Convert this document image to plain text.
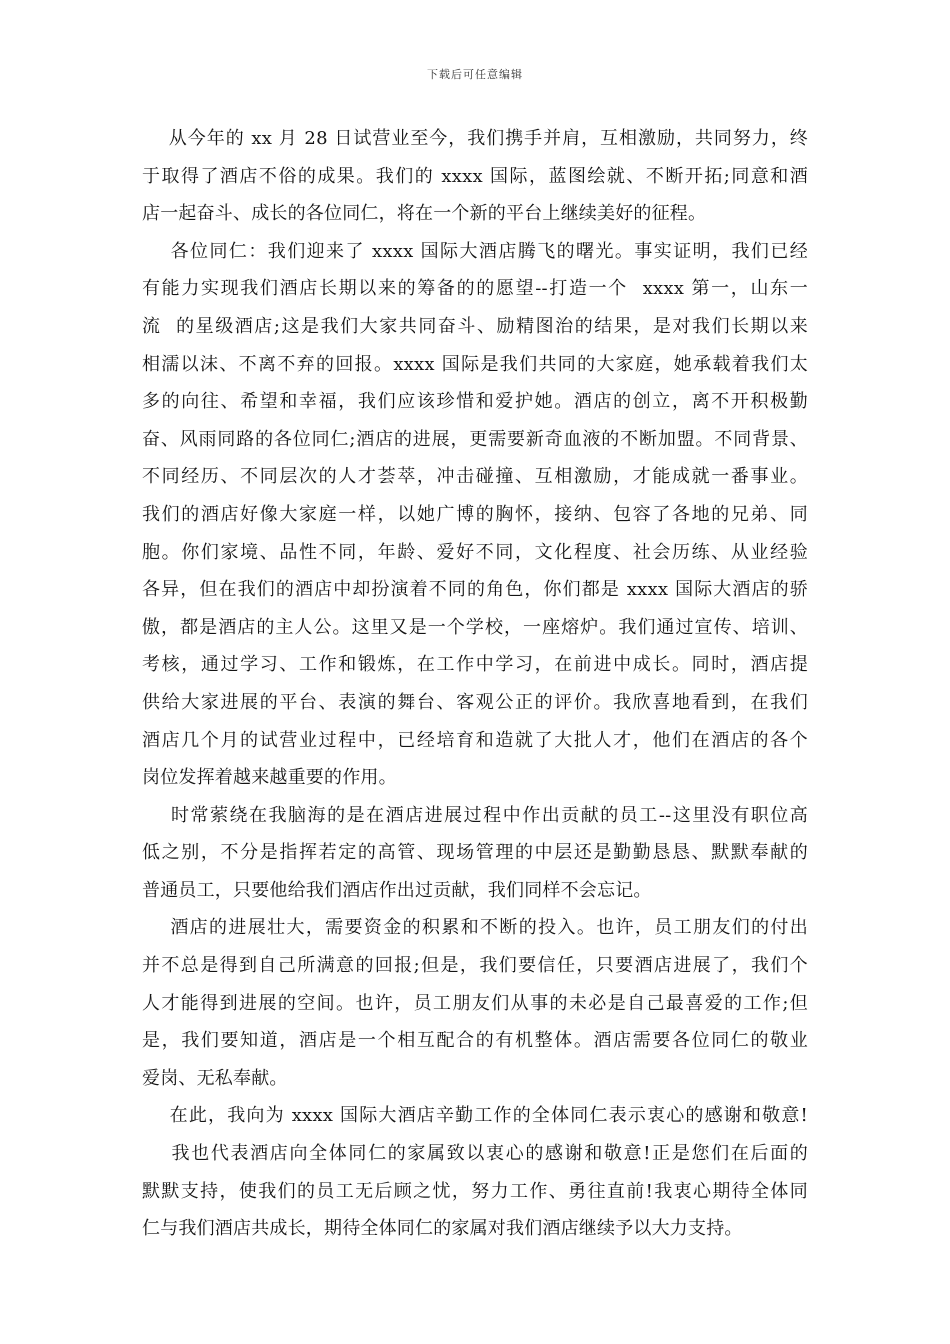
下载后可任意编辑
从今年的 xx 月 28 日试营业至今，我们携手并肩，互相激励，共同努力，终
于取得了酒店不俗的成果。我们的 xxxx 国际，蓝图绘就、不断开拓;同意和酒
店一起奋斗、成长的各位同仁，将在一个新的平台上继续美好的征程。
各位同仁：我们迎来了 xxxx 国际大酒店腾飞的曙光。事实证明，我们已经
有能力实现我们酒店长期以来的筹备的的愿望--打造一个  xxxx 第一，山东一
流  的星级酒店;这是我们大家共同奋斗、励精图治的结果，是对我们长期以来
相濡以沫、不离不弃的回报。xxxx 国际是我们共同的大家庭，她承载着我们太
多的向往、希望和幸福，我们应该珍惜和爱护她。酒店的创立，离不开积极勤
奋、风雨同路的各位同仁;酒店的进展，更需要新奇血液的不断加盟。不同背景、
不同经历、不同层次的人才荟萃，冲击碰撞、互相激励，才能成就一番事业。
我们的酒店好像大家庭一样，以她广博的胸怀，接纳、包容了各地的兄弟、同
胞。你们家境、品性不同，年龄、爱好不同，文化程度、社会历练、从业经验
各异，但在我们的酒店中却扮演着不同的角色，你们都是 xxxx 国际大酒店的骄
傲，都是酒店的主人公。这里又是一个学校，一座熔炉。我们通过宣传、培训、
考核，通过学习、工作和锻炼，在工作中学习，在前进中成长。同时，酒店提
供给大家进展的平台、表演的舞台、客观公正的评价。我欣喜地看到，在我们
酒店几个月的试营业过程中，已经培育和造就了大批人才，他们在酒店的各个
岗位发挥着越来越重要的作用。
时常萦绕在我脑海的是在酒店进展过程中作出贡献的员工--这里没有职位高
低之别，不分是指挥若定的高管、现场管理的中层还是勤勤恳恳、默默奉献的
普通员工，只要他给我们酒店作出过贡献，我们同样不会忘记。
酒店的进展壮大，需要资金的积累和不断的投入。也许，员工朋友们的付出
并不总是得到自己所满意的回报;但是，我们要信任，只要酒店进展了，我们个
人才能得到进展的空间。也许，员工朋友们从事的未必是自己最喜爱的工作;但
是，我们要知道，酒店是一个相互配合的有机整体。酒店需要各位同仁的敬业
爱岗、无私奉献。
在此，我向为 xxxx 国际大酒店辛勤工作的全体同仁表示衷心的感谢和敬意!
我也代表酒店向全体同仁的家属致以衷心的感谢和敬意!正是您们在后面的
默默支持，使我们的员工无后顾之忧，努力工作、勇往直前!我衷心期待全体同
仁与我们酒店共成长，期待全体同仁的家属对我们酒店继续予以大力支持。
